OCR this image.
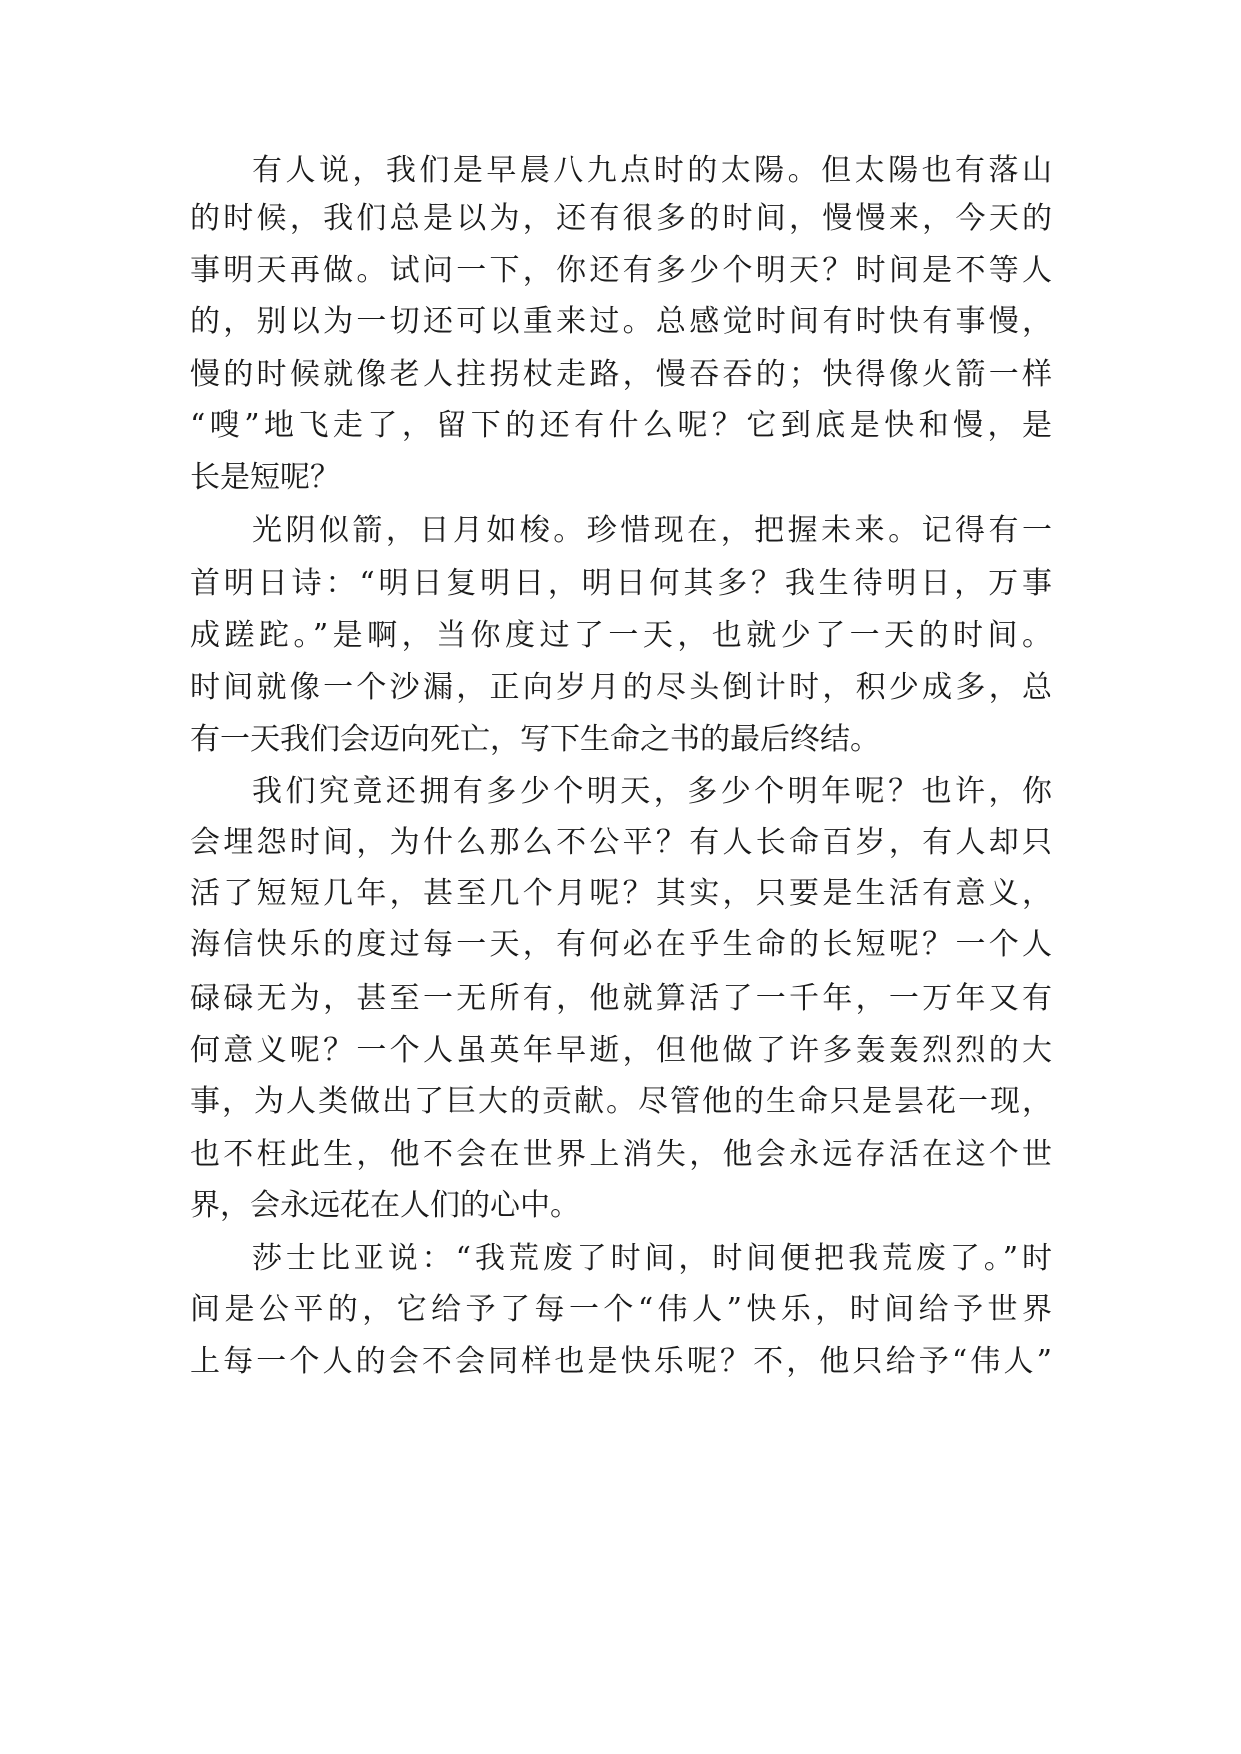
有人说，我们是早晨八九点时的太陽。但太陽也有落山
的时候，我们总是以为，还有很多的时间，慢慢来，今天的
事明天再做。试问一下，你还有多少个明天？时间是不等人
的，别以为一切还可以重来过。总感觉时间有时快有事慢，
慢的时候就像老人拄拐杖走路，慢吞吞的；快得像火箭一样
“嗖”地飞走了，留下的还有什么呢？它到底是快和慢，是
长是短呢？
光阴似箭，日月如梭。珍惜现在，把握未来。记得有一
首明日诗：“明日复明日，明日何其多？我生待明日，万事
成蹉跎。”是啊，当你度过了一天，也就少了一天的时间。
时间就像一个沙漏，正向岁月的尽头倒计时，积少成多，总
有一天我们会迈向死亡，写下生命之书的最后终结。
我们究竟还拥有多少个明天，多少个明年呢？也许，你
会埋怨时间，为什么那么不公平？有人长命百岁，有人却只
活了短短几年，甚至几个月呢？其实，只要是生活有意义，
海信快乐的度过每一天，有何必在乎生命的长短呢？一个人
碌碌无为，甚至一无所有，他就算活了一千年，一万年又有
何意义呢？一个人虽英年早逝，但他做了许多轰轰烈烈的大
事，为人类做出了巨大的贡献。尽管他的生命只是昙花一现，
也不枉此生，他不会在世界上消失，他会永远存活在这个世
界，会永远花在人们的心中。
莎士比亚说：“我荒废了时间，时间便把我荒废了。”时
间是公平的，它给予了每一个“伟人”快乐，时间给予世界
上每一个人的会不会同样也是快乐呢？不，他只给予“伟人”
